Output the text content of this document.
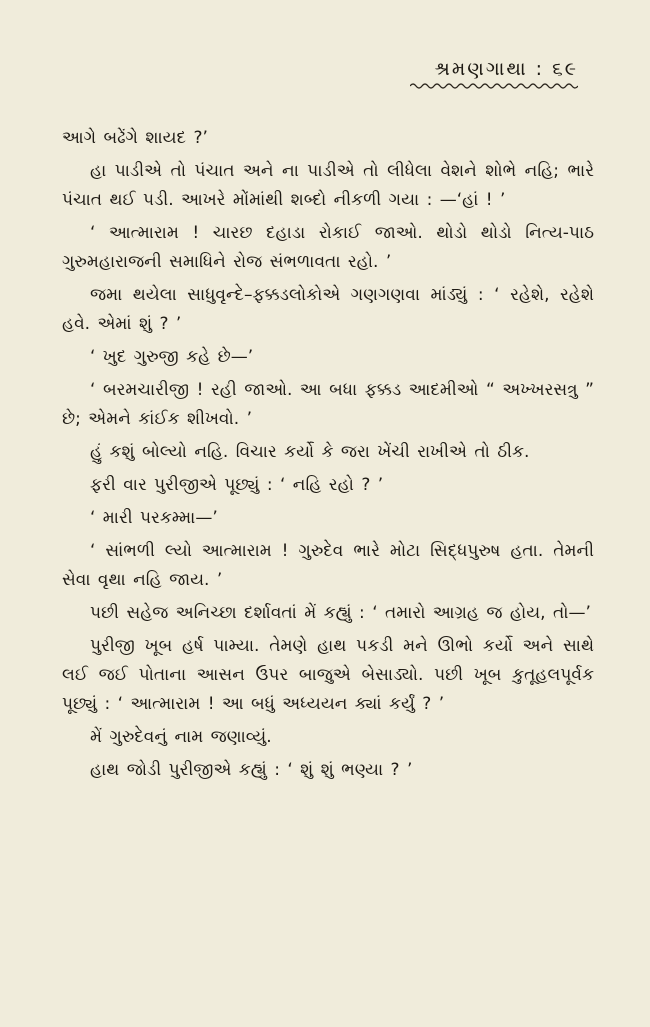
શ્રમણગાથા : ૬૯

આગે બઢેંગે શાયદ ?’

હા પાડીએ તો પંચાત અને ના પાડીએ તો લીધેલા વેશને શોભે નહિ; ભારે પંચાત થઈ પડી. આખરે મોંમાંથી શબ્દો નીકળી ગયા : —‘હાં ! ’

‘ આત્મારામ ! ચારછ દહાડા રોકાઈ જાઓ. થોડો થોડો નિત્ય-પાઠ ગુરુમહારાજની સમાધિને રોજ સંભળાવતા રહો. ’

જમા થયેલા સાધુવૃન્દે–ફક્કડલોકોએ ગણગણવા માંડ્યું : ‘ રહેશે, રહેશે હવે. એમાં શું ? ’

‘ ખુદ ગુરુજી કહે છે—’

‘ બરમચારીજી ! રહી જાઓ. આ બધા ફક્કડ આદમીઓ “ અખ્ખરસત્રુ ” છે; એમને કાંઈક શીખવો. ’

હું કશું બોલ્યો નહિ. વિચાર કર્યો કે જરા ખેંચી રાખીએ તો ઠીક.

ફરી વાર પુરીજીએ પૂછ્યું : ‘ નહિ રહો ? ’

‘ મારી પરકમ્મા—’

‘ સાંભળી લ્યો આત્મારામ ! ગુરુદેવ ભારે મોટા સિદ્ધપુરુષ હતા. તેમની સેવા વૃથા નહિ જાય. ’

પછી સહેજ અનિચ્છા દર્શાવતાં મેં કહ્યું : ‘ તમારો આગ્રહ જ હોય, તો—’

પુરીજી ખૂબ હર્ષ પામ્યા. તેમણે હાથ પકડી મને ઊભો કર્યો અને સાથે લઈ જઈ પોતાના આસન ઉપર બાજુએ બેસાડ્યો. પછી ખૂબ કુતૂહલપૂર્વક પૂછ્યું : ‘ આત્મારામ ! આ બધું અધ્યયન ક્યાં કર્યું ? ’

મેં ગુરુદેવનું નામ જણાવ્યું.

હાથ જોડી પુરીજીએ કહ્યું : ‘ શું શું ભણ્યા ? ’
